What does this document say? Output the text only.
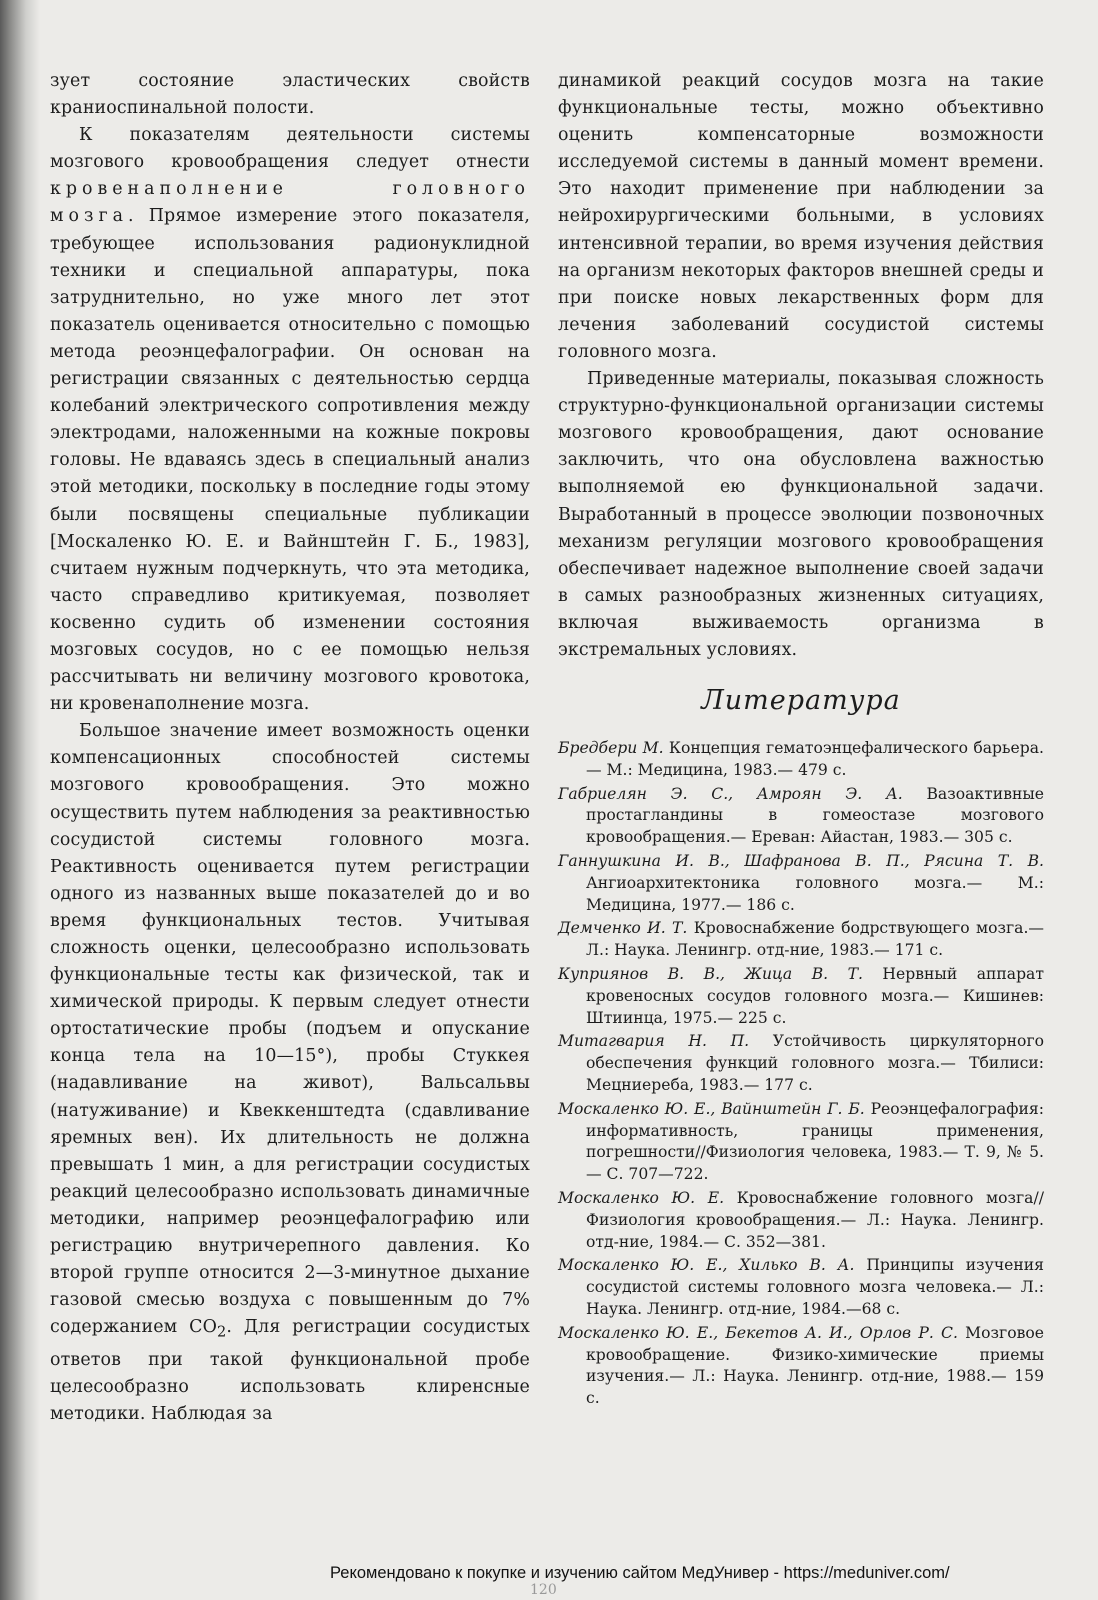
зует состояние эластических свойств краниоспинальной полости.

К показателям деятельности системы мозгового кровообращения следует отнести кровенаполнение головного мозга. Прямое измерение этого показателя, требующее использования радионуклидной техники и специальной аппаратуры, пока затруднительно, но уже много лет этот показатель оценивается относительно с помощью метода реоэнцефалографии. Он основан на регистрации связанных с деятельностью сердца колебаний электрического сопротивления между электродами, наложенными на кожные покровы головы. Не вдаваясь здесь в специальный анализ этой методики, поскольку в последние годы этому были посвящены специальные публикации [Москаленко Ю. Е. и Вайнштейн Г. Б., 1983], считаем нужным подчеркнуть, что эта методика, часто справедливо критикуемая, позволяет косвенно судить об изменении состояния мозговых сосудов, но с ее помощью нельзя рассчитывать ни величину мозгового кровотока, ни кровенаполнение мозга.

Большое значение имеет возможность оценки компенсационных способностей системы мозгового кровообращения. Это можно осуществить путем наблюдения за реактивностью сосудистой системы головного мозга. Реактивность оценивается путем регистрации одного из названных выше показателей до и во время функциональных тестов. Учитывая сложность оценки, целесообразно использовать функциональные тесты как физической, так и химической природы. К первым следует отнести ортостатические пробы (подъем и опускание конца тела на 10—15°), пробы Стуккея (надавливание на живот), Вальсальвы (натуживание) и Квеккенштедта (сдавливание яремных вен). Их длительность не должна превышать 1 мин, а для регистрации сосудистых реакций целесообразно использовать динамичные методики, например реоэнцефалографию или регистрацию внутричерепного давления. Ко второй группе относится 2—3-минутное дыхание газовой смесью воздуха с повышенным до 7% содержанием $CO_2$. Для регистрации сосудистых ответов при такой функциональной пробе целесообразно использовать клиренсные методики. Наблюдая за

динамикой реакций сосудов мозга на такие функциональные тесты, можно объективно оценить компенсаторные возможности исследуемой системы в данный момент времени. Это находит применение при наблюдении за нейрохирургическими больными, в условиях интенсивной терапии, во время изучения действия на организм некоторых факторов внешней среды и при поиске новых лекарственных форм для лечения заболеваний сосудистой системы головного мозга.

Приведенные материалы, показывая сложность структурно-функциональной организации системы мозгового кровообращения, дают основание заключить, что она обусловлена важностью выполняемой ею функциональной задачи. Выработанный в процессе эволюции позвоночных механизм регуляции мозгового кровообращения обеспечивает надежное выполнение своей задачи в самых разнообразных жизненных ситуациях, включая выживаемость организма в экстремальных условиях.

Литература
Бредбери М. Концепция гематоэнцефалического барьера.— М.: Медицина, 1983.— 479 с.
Габриелян Э. С., Амроян Э. А. Вазоактивные простагландины в гомеостазе мозгового кровообращения.— Ереван: Айастан, 1983.— 305 с.
Ганнушкина И. В., Шафранова В. П., Рясина Т. В. Ангиоархитектоника головного мозга.— М.: Медицина, 1977.— 186 с.
Демченко И. Т. Кровоснабжение бодрствующего мозга.— Л.: Наука. Ленингр. отд-ние, 1983.— 171 с.
Куприянов В. В., Жица В. Т. Нервный аппарат кровеносных сосудов головного мозга.— Кишинев: Штиинца, 1975.— 225 с.
Митагвария Н. П. Устойчивость циркуляторного обеспечения функций головного мозга.— Тбилиси: Мецниереба, 1983.— 177 с.
Москаленко Ю. Е., Вайнштейн Г. Б. Реоэнцефалография: информативность, границы применения, погрешности//Физиология человека, 1983.— Т. 9, № 5.— С. 707—722.
Москаленко Ю. Е. Кровоснабжение головного мозга//Физиология кровообращения.— Л.: Наука. Ленингр. отд-ние, 1984.— С. 352—381.
Москаленко Ю. Е., Хилько В. А. Принципы изучения сосудистой системы головного мозга человека.— Л.: Наука. Ленингр. отд-ние, 1984.—68 с.
Москаленко Ю. Е., Бекетов А. И., Орлов Р. С. Мозговое кровообращение. Физико-химические приемы изучения.— Л.: Наука. Ленингр. отд-ние, 1988.— 159 с.
120
Рекомендовано к покупке и изучению сайтом МедУнивер - https://meduniver.com/
